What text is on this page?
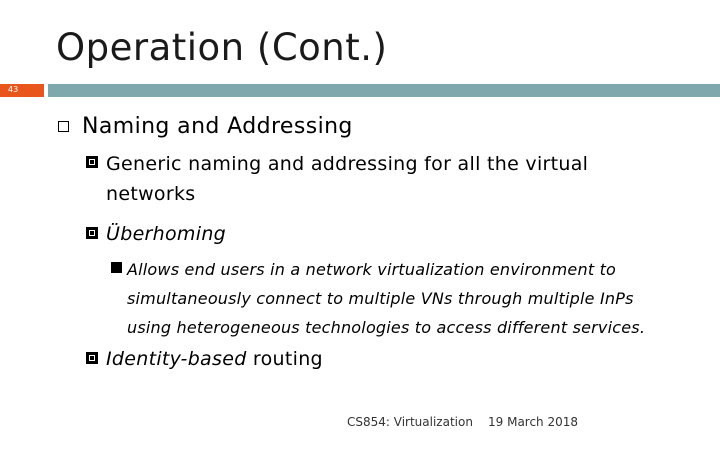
Operation (Cont.)
43
Naming and Addressing
Generic naming and addressing for all the virtual
networks
Überhoming
Allows end users in a network virtualization environment to
simultaneously connect to multiple VNs through multiple InPs
using heterogeneous technologies to access different services.
Identity-based routing
CS854: Virtualization 19 March 2018
